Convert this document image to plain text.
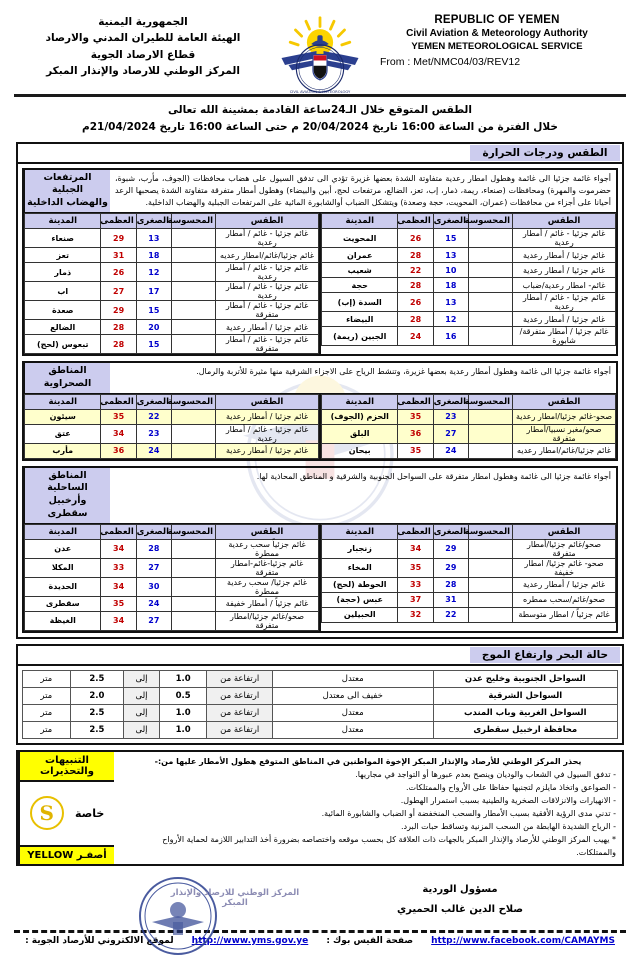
REPUBLIC OF YEMEN
Civil Aviation & Meteorology Authority
YEMEN METEOROLOGICAL SERVICE
From : Met/NMC04/03/REV12
CIVIL AVIATION & METEOROLOGY
الجمهورية اليمنية
الهيئة العامة للطيران المدني والارصاد
قطاع الارصاد الجوية
المركز الوطني للارصاد والإنذار المبكر
الطقس المتوقع خلال الـ24ساعة القادمة بمشينة الله تعالى
خلال الفترة من الساعة 16:00 تاريخ 20/04/2024 م حتى الساعة 16:00 تاريخ 21/04/2024م
الطقس ودرجات الحرارة
أجواء غائمة جزئيا الى غائمة وهطول امطار رعدية متفاوتة الشدة بعضها غزيرة تؤدي الى تدفق السيول على هضاب محافظات (الجوف، مأرب، شبوة، حضرموت والمهرة) ومحافظات (صنعاء، ريمة، ذمار، إب، تعز، الضالع، مرتفعات لحج، أبين والبيضاء) وهطول أمطار متفرقة متفاوتة الشدة يصحبها الرعد أحيانا على أجزاء من محافظات (عمران، المحويت، حجة وصعدة) ويتشكل الضباب أوالشابورة المائية على المرتفعات الجبلية والهضاب الداخلية.
المرتفعات الجبلية
والهضاب الداخلية
الطقس	المحسوسة	الصغرى	العظمى	المدينة
غائم جزئيا - غائم / أمطار رعدية		15	26	المحويت
غائم جزئيا / أمطار رعدية		13	28	عمران
غائم جزئيا / أمطار رعدية		10	22	شعيب
غائم- امطار رعدية/ضباب		18	28	حجة
غائم جزئيا - غائم / أمطار رعدية		13	26	السدة (إب)
غائم جزئيا / أمطار رعدية		12	28	البيضاء
غائم جزئيا / أمطار متفرقة/شابورة		16	24	الجبين (ريمة)
الطقس	المحسوسة	الصغرى	العظمى	المدينة
غائم جزئيا - غائم / أمطار رعدية		13	29	صنعاء
غائم جزئيا/غائم/امطار رعديه		18	31	تعز
غائم جزئيا - غائم / أمطار رعدية		12	26	ذمار
غائم جزئيا - غائم / أمطار رعدية		17	27	اب
غائم جزئيا - غائم / أمطار متفرقة		15	29	صعدة
غائم جزئيا / أمطار رعدية		20	28	الضالع
غائم جزئيا - غائم / أمطار متفرقة		15	28	تبعوس (لحج)
أجواء غائمة جزئيا الى غائمة وهطول أمطار رعدية بعضها غزيرة، وتنشط الرياح على الاجزاء الشرقية منها مثيرة للأتربة والرمال.
المناطق
الصحراوية
الطقس	المحسوسة	الصغرى	العظمى	المدينة
صحو-غائم جزئيا/امطار رعدية		23	35	الحزم (الجوف)
صحو/مغبر نسبيا/أمطار متفرقة		27	36	البلق
غائم جزئيا/غائم/امطار رعديه		24	35	بيحان
الطقس	المحسوسة	الصغرى	العظمى	المدينة
غائم جزئيا / أمطار رعدية		22	35	سيئون
غائم جزئيا - غائم / أمطار رعدية		23	34	عتق
غائم جزئيا / أمطار رعدية		24	36	مأرب
أجواء غائمة جزئيا الى غائمة وهطول امطار متفرقة على السواحل الجنوبية والشرقية و المناطق المحاذية لها.
المناطق الساحلية
وأرخبيل سقطرى
الطقس	المحسوسة	الصغرى	العظمى	المدينة
صحو/غائم جزئيا/أمطار متفرقة		29	34	زنجبار
صحو- غائم جزئيا/ امطار خفيفة		29	35	المخاء
غائم جزئيا / أمطار رعدية		28	33	الحوطة (لحج)
صحو/غائم/سحب ممطره		31	37	عبس (حجة)
غائم جزئياً / امطار متوسطة		22	32	الحبيلين
الطقس	المحسوسة	الصغرى	العظمى	المدينة
غائم جزئياً سحب رعدية ممطرة		28	34	عدن
غائم جزئيا-غائم-امطار متفرقة		27	33	المكلا
غائم جزئيا/ سحب رعدية ممطرة		30	34	الحديدة
غائم جزئياً / أمطار خفيفة		24	35	سقطرى
صحو/غائم جزئيا/امطار متفرقة		27	34	الغيظة
حالة البحر وارتفاع الموج
السواحل الجنوبية وخليج عدن	معتدل	ارتفاعة من	1.0	إلى	2.5	متر
السواحل الشرقية	خفيف الى معتدل	ارتفاعة من	0.5	إلى	2.0	متر
السواحل الغربية وباب المندب	معتدل	ارتفاعة من	1.0	إلى	2.5	متر
محافظة ارخبيل سقطرى	معتدل	ارتفاعة من	1.0	إلى	2.5	متر
يحذر المركز الوطني للأرصاد والإنذار المبكر الإخوة المواطنين في المناطق المتوقع هطول الأمطار عليها من:-
- تدفق السيول في الشعاب والوديان وينصح بعدم عبورها أو التواجد في مجاريها.
- الصواعق واتخاذ مايلزم لتجنبها حفاظا على الأرواح والممتلكات.
- الانهيارات والانزلاقات الصخرية والطينية بسبب استمرار الهطول.
- تدني مدى الرؤية الأفقية بسبب الأمطار والسحب المنخفضة أو الضباب والشابورة المائية.
- الرياح الشديدة الهابطة من السحب المزنية وتساقط حبات البرد.
* يهيب المركز الوطني للأرصاد والإنذار المبكر بالجهات ذات العلاقة كل بحسب موقعه واختصاصه بضرورة أخذ التدابير اللازمة لحماية الأرواح والممتلكات.
التنبيهات والتحذيرات
خاصة
S
أصفـر YELLOW
مسؤول الوردية
صلاح الدين غالب الحميري
المركز الوطني للارصاد والإنذار المبكر
http://www.facebook.com/CAMAYMS
صفحة الفيس بوك :
http://www.yms.gov.ye
لموقع الالكتروني للأرصاد الجوية :
